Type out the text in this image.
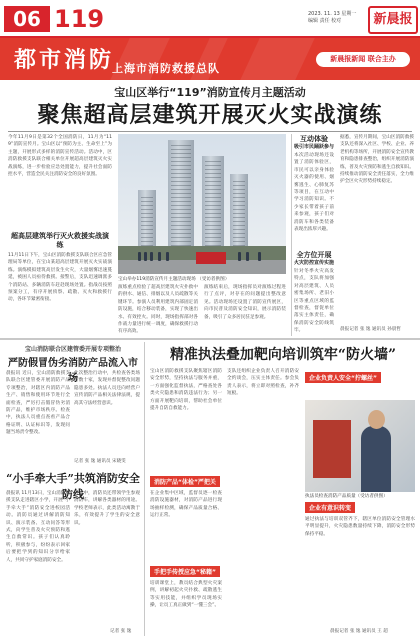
06 119	2023. 11. 13 星期一
编辑 责任 校对	新晨报
都市消防
上海市消防救援总队
新晨报新闻 联合主办
宝山区举行“119”消防宣传月主题活动
聚焦超高层建筑开展灭火实战演练
今年11月9日是第32个全国消防日，11月为“119”消防宣传月。宝山区以“预防为主、生命至上”为主题，开展形式多样的消防宣传活动。活动中，区消防救援支队联合相关单位开展超高层建筑灭火实战演练，进一步检验应急处置能力，提升社会面防控水平，营造全民关注消防安全的良好氛围。
超高层建筑举行灭火救援实战演练
11月11日下午，宝山区消防救援支队联合区应急管理局等单位，在宝山某超高层建筑开展灭火实战演练。演练模拟建筑高层发生火灾，大量烟雾迅速蔓延，被困人员亟待救援。接警后，支队迅速调派多个消防站、多辆消防车赶赴现场处置。指战员按照预案分工，有序开展侦察、疏散、灭火和救援行动，各环节紧密衔接。
宝山举办119消防宣传月主题活动现场 （受访者供图）
演练重点检验了超高层建筑火灾扑救中的供水、通信、排烟以及人员疏散等关键环节。参演人员利用建筑内部固定消防设施，结合移动装备，实现了快速出水、有效控火。同时，现场指挥部对各作战力量进行统一调度，确保救援行动有序高效。
演练结束后，现场指挥员对演练过程进行了点评，对存在的问题提出整改意见。活动现场还设置了消防宣传展区，向市民普及消防安全知识，展示消防装备，吸引了众多居民驻足参观。
互动体验
吸引市民踊跃参与
本次活动现场还设置了消防体验区，市民可以亲身体验灭火器的使用、烟雾逃生、心肺复苏等项目，在互动中学习消防知识。不少家长带着孩子前来参观，孩子们对消防车和各类装备表现出浓厚兴趣。
全方位开展
火灾防控宣传实施
针对冬季火灾高发特点，支队将加强对高层建筑、人员密集场所、老旧小区等重点区域的监督检查，督促单位落实主体责任，确保消防安全防线筑牢。
据悉，宣传月期间，宝山区消防救援支队还将深入社区、学校、企业、养老机构等场所，开展消防安全宣传教育和隐患排查整治，组织开展消防演练，普及火灾预防和逃生自救知识。持续推动消防安全责任落实，全力维护全区火灾形势持续稳定。
晨报记者 张 逸 通讯员 孙晨哲
宝山消防联合区建管委开展专项整治
严防假冒伪劣消防产品流入市场
晨报讯 近日，宝山消防救援支队联合区建管委开展消防产品专项整治，对辖区内消防产品生产、销售和使用环节进行全面检查，严厉打击假冒伪劣消防产品，维护市场秩序。检查中，执法人员重点查看产品合格证明、认证标识等，发现问题当场责令整改。
此次整治行动中，共检查各类场所数十家，发现并督促整改问题隐患多处。执法人员还向经营户宣传消防产品相关法律法规，提高其守法经营意识。
记者 张 逸 通讯员 宋晓雯
“小手牵大手”共筑消防安全防线
晨报讯 11月13日，宝山消防救援支队走进辖区小学，开展“小手牵大手”消防安全进校园活动。消防员通过讲解消防知识、演示装备、互动问答等形式，向学生普及火灾预防和逃生自救常识。孩子们认真聆听，积极参与，纷纷表示回家后要把学到的知识分享给家人，共同守护家庭消防安全。
活动中，消防员还带领学生参观消防车，讲解各类器材的用途。学校老师表示，此类活动寓教于乐，有效提升了学生的安全意识。
记者 张 逸
精准执法叠加靶向培训筑牢“防火墙”
宝山区消防救援支队聚焦辖区消防安全形势，坚持执法与服务并重，一方面强化监督执法，严格查处各类火灾隐患和消防违法行为；另一方面开展靶向培训，帮助社会单位提升自防自救能力。
消防产品“体检”严把关
在企业集中区域，监督员逐一检查消防设施器材，对消防产品进行现场抽样检测，确保产品质量合格、运行正常。
手把手传授应急“秘籍”
培训课堂上，教员结合典型火灾案例，讲解初起火灾扑救、疏散逃生等实用技能，并组织学员现场实操，让员工真正做到“一懂三会”。
支队还组织企业负责人召开消防安全约谈会，压实主体责任。参会负责人表示，将立即对照检查，补齐短板。
执法员检查消防产品质量（受访者供图）
企业负责人安全“拧螺丝”
企业有意识转变
通过执法与培训双管齐下，辖区单位消防安全管理水平明显提升，火灾隐患数量持续下降，消防安全形势保持平稳。
晨报记者 张 逸 通讯员 王 超
